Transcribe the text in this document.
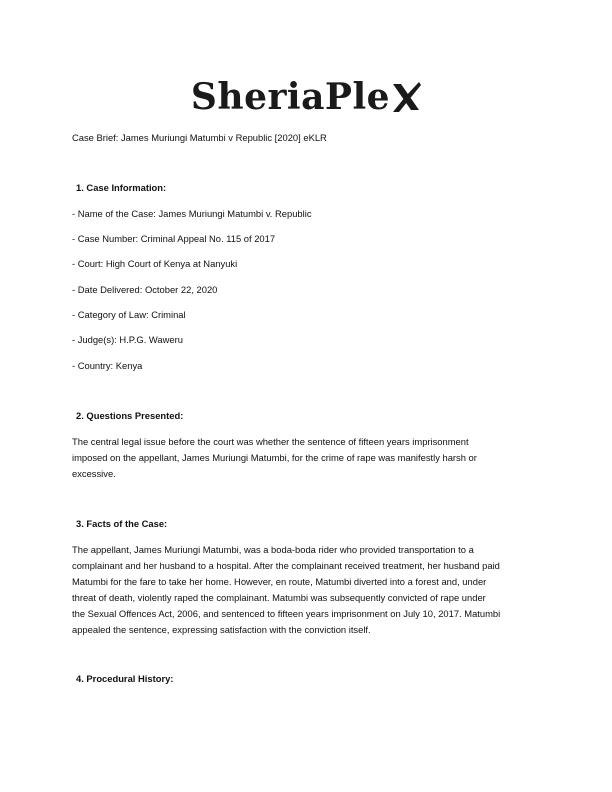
SheriaPle
Case Brief: James Muriungi Matumbi v Republic [2020] eKLR
1. Case Information:
- Name of the Case: James Muriungi Matumbi v. Republic
- Case Number: Criminal Appeal No. 115 of 2017
- Court: High Court of Kenya at Nanyuki
- Date Delivered: October 22, 2020
- Category of Law: Criminal
- Judge(s): H.P.G. Waweru
- Country: Kenya
2. Questions Presented:
The central legal issue before the court was whether the sentence of fifteen years imprisonment
imposed on the appellant, James Muriungi Matumbi, for the crime of rape was manifestly harsh or
excessive.
3. Facts of the Case:
The appellant, James Muriungi Matumbi, was a boda-boda rider who provided transportation to a
complainant and her husband to a hospital. After the complainant received treatment, her husband paid
Matumbi for the fare to take her home. However, en route, Matumbi diverted into a forest and, under
threat of death, violently raped the complainant. Matumbi was subsequently convicted of rape under
the Sexual Offences Act, 2006, and sentenced to fifteen years imprisonment on July 10, 2017. Matumbi
appealed the sentence, expressing satisfaction with the conviction itself.
4. Procedural History:
